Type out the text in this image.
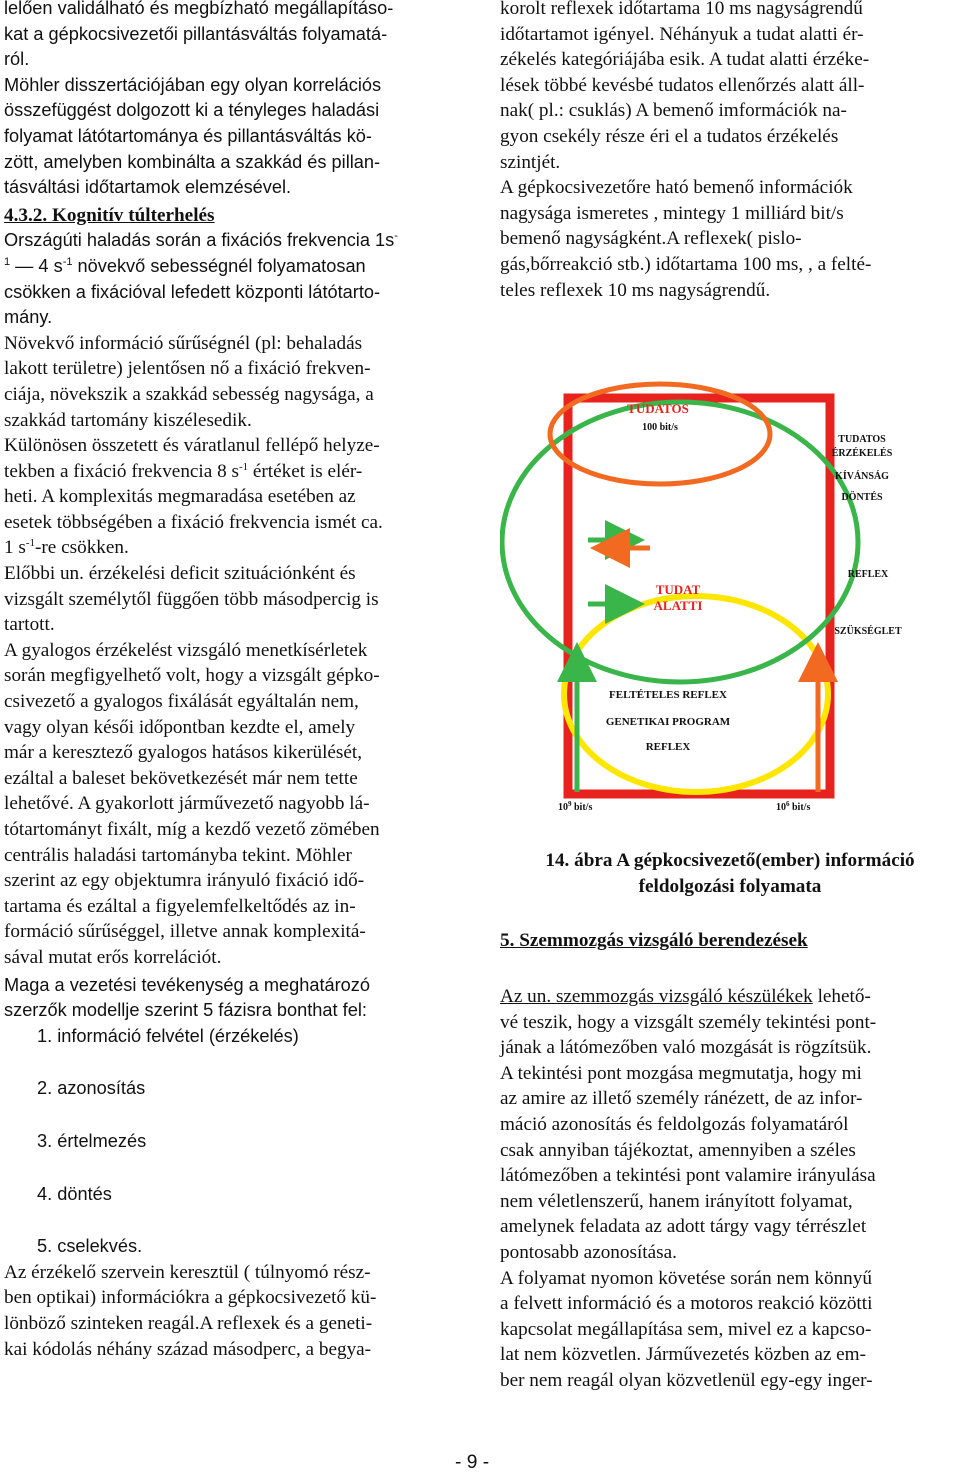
lelően validálható és megbízható megállapításo-

kat a gépkocsivezetői pillantásváltás folyamatá-

ról.

Möhler disszertációjában egy olyan korrelációs

összefüggést dolgozott ki a tényleges haladási

folyamat látótartománya és pillantásváltás kö-

zött, amelyben kombinálta a szakkád és pillan-

tásváltási időtartamok elemzésével.

4.3.2. Kognitív túlterhelés

Országúti haladás során a fixációs frekvencia 1s-

$^1$ — 4 $s^{-1}$ növekvő sebességnél folyamatosan

csökken a fixációval lefedett központi látótarto-

mány.

Növekvő információ sűrűségnél (pl: behaladás

lakott területre) jelentősen nő a fixáció frekven-

ciája, növekszik a szakkád sebesség nagysága, a

szakkád tartomány kiszélesedik.

Különösen összetett és váratlanul fellépő helyze-

tekben a fixáció frekvencia 8 $s^{-1}$ értéket is elér-

heti. A komplexitás megmaradása esetében az

esetek többségében a fixáció frekvencia ismét ca.

1 $s^{-1}-re$ csökken.

Előbbi un. érzékelési deficit szituációnként és

vizsgált személytől függően több másodpercig is

tartott.

A gyalogos érzékelést vizsgáló menetkísérletek

során megfigyelhető volt, hogy a vizsgált gépko-

csivezető a gyalogos fixálását egyáltalán nem,

vagy olyan késői időpontban kezdte el, amely

már a keresztező gyalogos hatásos kikerülését,

ezáltal a baleset bekövetkezését már nem tette

lehetővé. A gyakorlott járművezető nagyobb lá-

tótartományt fixált, míg a kezdő vezető zömében

centrális haladási tartományba tekint. Möhler

szerint az egy objektumra irányuló fixáció idő-

tartama és ezáltal a figyelemfelkeltődés az in-

formáció sűrűséggel, illetve annak komplexitá-

sával mutat erős korrelációt.

Maga a vezetési tevékenység a meghatározó

szerzők modellje szerint 5 fázisra bonthat fel:

1. információ felvétel (érzékelés)

2. azonosítás

3. értelmezés

4. döntés

5. cselekvés.

Az érzékelő szervein keresztül ( túlnyomó rész-

ben optikai) információkra a gépkocsivezető kü-

lönböző szinteken reagál.A reflexek és a geneti-

kai kódolás néhány század másodperc, a begya-

korolt reflexek időtartama 10 ms nagyságrendű

időtartamot igényel. Néhányuk a tudat alatti ér-

zékelés kategóriájába esik. A tudat alatti érzéke-

lések többé kevésbé tudatos ellenőrzés alatt áll-

nak( pl.: csuklás) A bemenő imformációk na-

gyon csekély része éri el a tudatos érzékelés

szintjét.

A gépkocsivezetőre ható bemenő információk

nagysága ismeretes , mintegy 1 milliárd bit/s

bemenő nagyságként.A reflexek( pislo-

gás,bőrreakció stb.) időtartama 100 ms, , a felté-

teles reflexek 10 ms nagyságrendű.

TUDATOS
100 bit/s
TUDAT
ALATTI
FELTÉTELES REFLEX
GENETIKAI PROGRAM
REFLEX
TUDATOS
ÉRZÉKELÉS
KÍVÁNSÁG
DÖNTÉS
REFLEX
SZÜKSÉGLET
$10^9$ bit/s	$10^6$ bit/s
14. ábra A gépkocsivezető(ember) információ
feldolgozási folyamata
5. Szemmozgás vizsgáló berendezések

Az un. szemmozgás vizsgáló készülékek lehető-

vé teszik, hogy a vizsgált személy tekintési pont-

jának a látómezőben való mozgását is rögzítsük.

A tekintési pont mozgása megmutatja, hogy mi

az amire az illető személy ránézett, de az infor-

máció azonosítás és feldolgozás folyamatáról

csak annyiban tájékoztat, amennyiben a széles

látómezőben a tekintési pont valamire irányulása

nem véletlenszerű, hanem irányított folyamat,

amelynek feladata az adott tárgy vagy térrészlet

pontosabb azonosítása.

A folyamat nyomon követése során nem könnyű

a felvett információ és a motoros reakció közötti

kapcsolat megállapítása sem, mivel ez a kapcso-

lat nem közvetlen. Járművezetés közben az em-

ber nem reagál olyan közvetlenül egy-egy inger-

- 9 -
